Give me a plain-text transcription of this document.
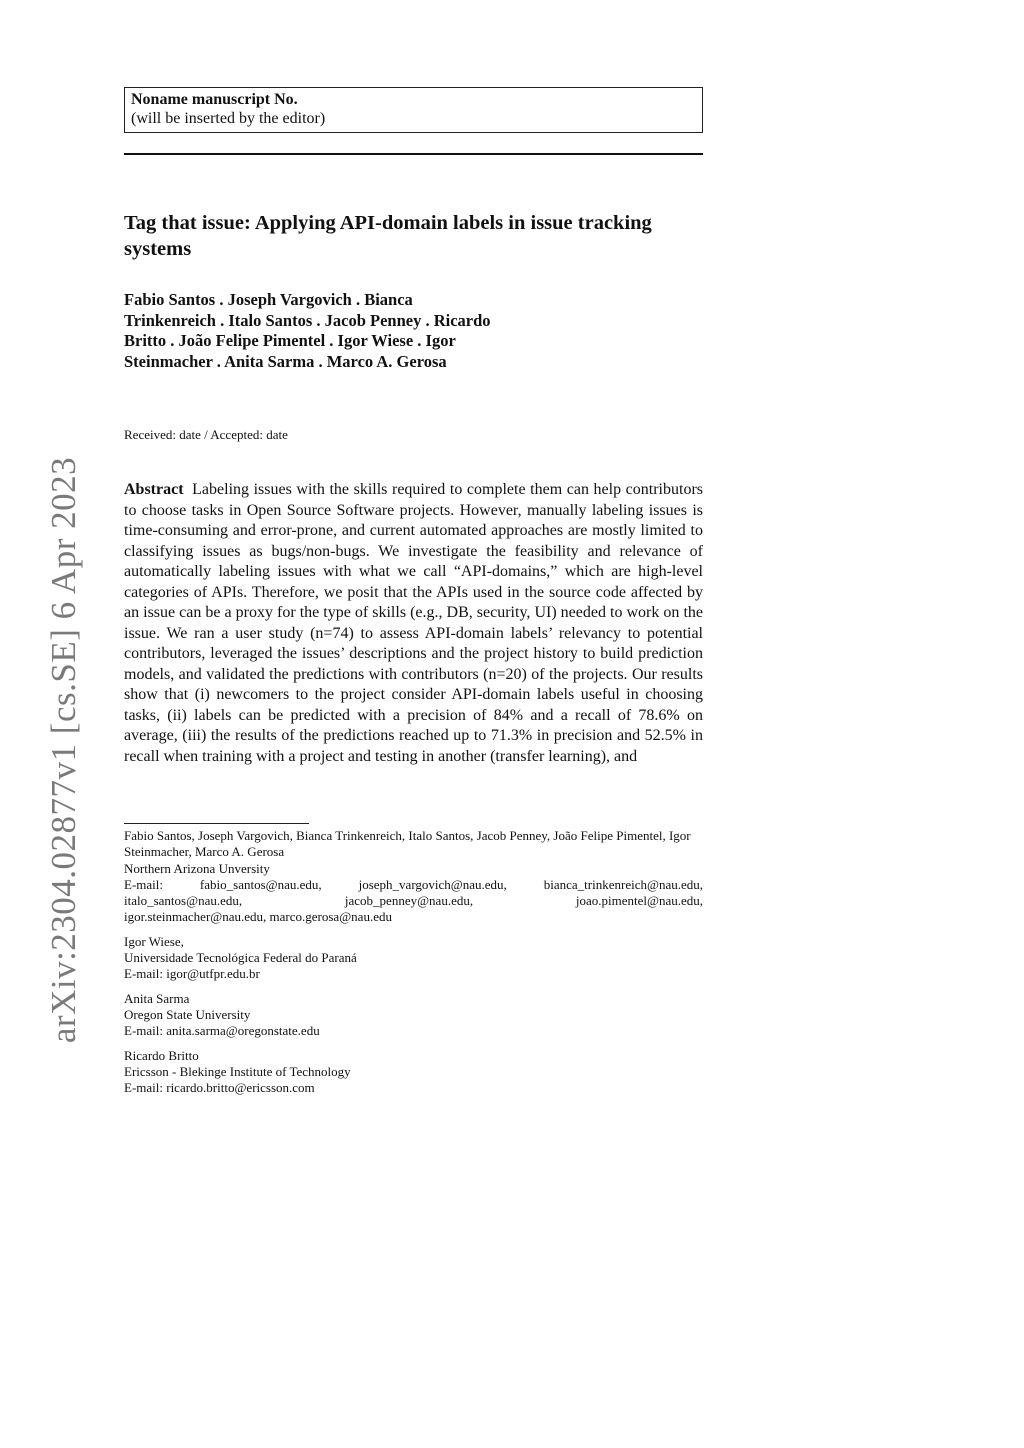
arXiv:2304.02877v1 [cs.SE] 6 Apr 2023
Noname manuscript No.
(will be inserted by the editor)
Tag that issue: Applying API-domain labels in issue tracking systems
Fabio Santos . Joseph Vargovich . Bianca Trinkenreich . Italo Santos . Jacob Penney . Ricardo Britto . João Felipe Pimentel . Igor Wiese . Igor Steinmacher . Anita Sarma . Marco A. Gerosa
Received: date / Accepted: date
Abstract Labeling issues with the skills required to complete them can help contributors to choose tasks in Open Source Software projects. However, manually labeling issues is time-consuming and error-prone, and current automated approaches are mostly limited to classifying issues as bugs/non-bugs. We investigate the feasibility and relevance of automatically labeling issues with what we call “API-domains,” which are high-level categories of APIs. Therefore, we posit that the APIs used in the source code affected by an issue can be a proxy for the type of skills (e.g., DB, security, UI) needed to work on the issue. We ran a user study (n=74) to assess API-domain labels’ relevancy to potential contributors, leveraged the issues’ descriptions and the project history to build prediction models, and validated the predictions with contributors (n=20) of the projects. Our results show that (i) newcomers to the project consider API-domain labels useful in choosing tasks, (ii) labels can be predicted with a precision of 84% and a recall of 78.6% on average, (iii) the results of the predictions reached up to 71.3% in precision and 52.5% in recall when training with a project and testing in another (transfer learning), and
Fabio Santos, Joseph Vargovich, Bianca Trinkenreich, Italo Santos, Jacob Penney, João Felipe Pimentel, Igor Steinmacher, Marco A. Gerosa
Northern Arizona Unversity
E-mail: fabio_santos@nau.edu, joseph_vargovich@nau.edu, bianca_trinkenreich@nau.edu,
italo_santos@nau.edu, jacob_penney@nau.edu, joao.pimentel@nau.edu,
igor.steinmacher@nau.edu, marco.gerosa@nau.edu
Igor Wiese,
Universidade Tecnológica Federal do Paraná
E-mail: igor@utfpr.edu.br
Anita Sarma
Oregon State University
E-mail: anita.sarma@oregonstate.edu
Ricardo Britto
Ericsson - Blekinge Institute of Technology
E-mail: ricardo.britto@ericsson.com
